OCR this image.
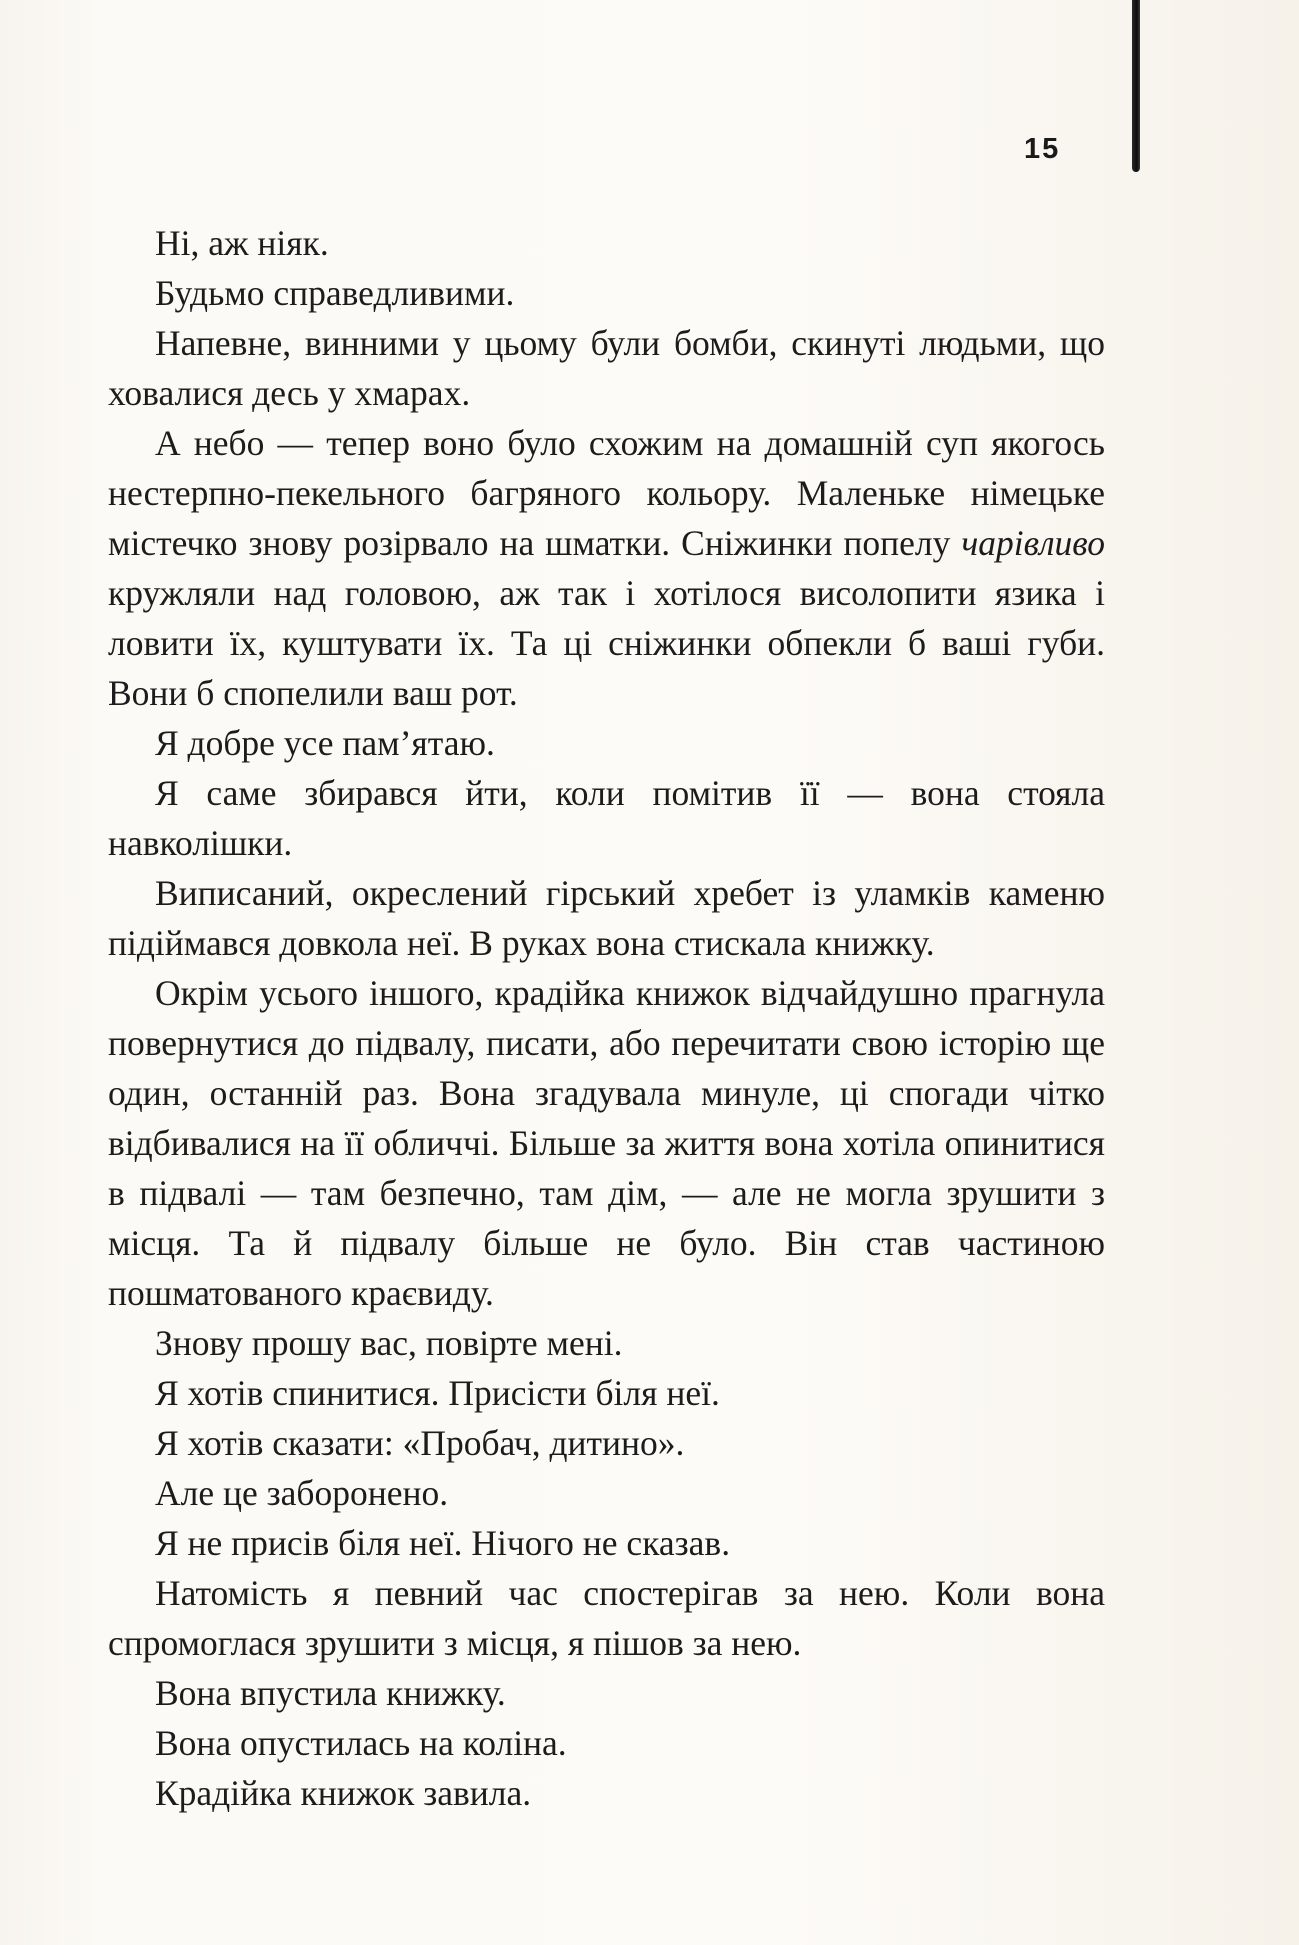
15

Ні, аж ніяк.

Будьмо справедливими.

Напевне, винними у цьому були бомби, скинуті людьми, що ховалися десь у хмарах.

А небо — тепер воно було схожим на домашній суп якогось нестерпно-пекельного багряного кольору. Маленьке німецьке містечко знову розірвало на шматки. Сніжинки попелу чарівливо кружляли над головою, аж так і хотілося висолопити язика і ловити їх, куштувати їх. Та ці сніжинки обпекли б ваші губи. Вони б спопелили ваш рот.

Я добре усе пам’ятаю.

Я саме збирався йти, коли помітив її — вона стояла навколішки.

Виписаний, окреслений гірський хребет із уламків каменю підіймався довкола неї. В руках вона стискала книжку.

Окрім усього іншого, крадійка книжок відчайдушно прагнула повернутися до підвалу, писати, або перечитати свою історію ще один, останній раз. Вона згадувала минуле, ці спогади чітко відбивалися на її обличчі. Більше за життя вона хотіла опинитися в підвалі — там безпечно, там дім, — але не могла зрушити з місця. Та й підвалу більше не було. Він став частиною пошматованого краєвиду.

Знову прошу вас, повірте мені.

Я хотів спинитися. Присісти біля неї.

Я хотів сказати: «Пробач, дитино».

Але це заборонено.

Я не присів біля неї. Нічого не сказав.

Натомість я певний час спостерігав за нею. Коли вона спромоглася зрушити з місця, я пішов за нею.

Вона впустила книжку.

Вона опустилась на коліна.

Крадійка книжок завила.
